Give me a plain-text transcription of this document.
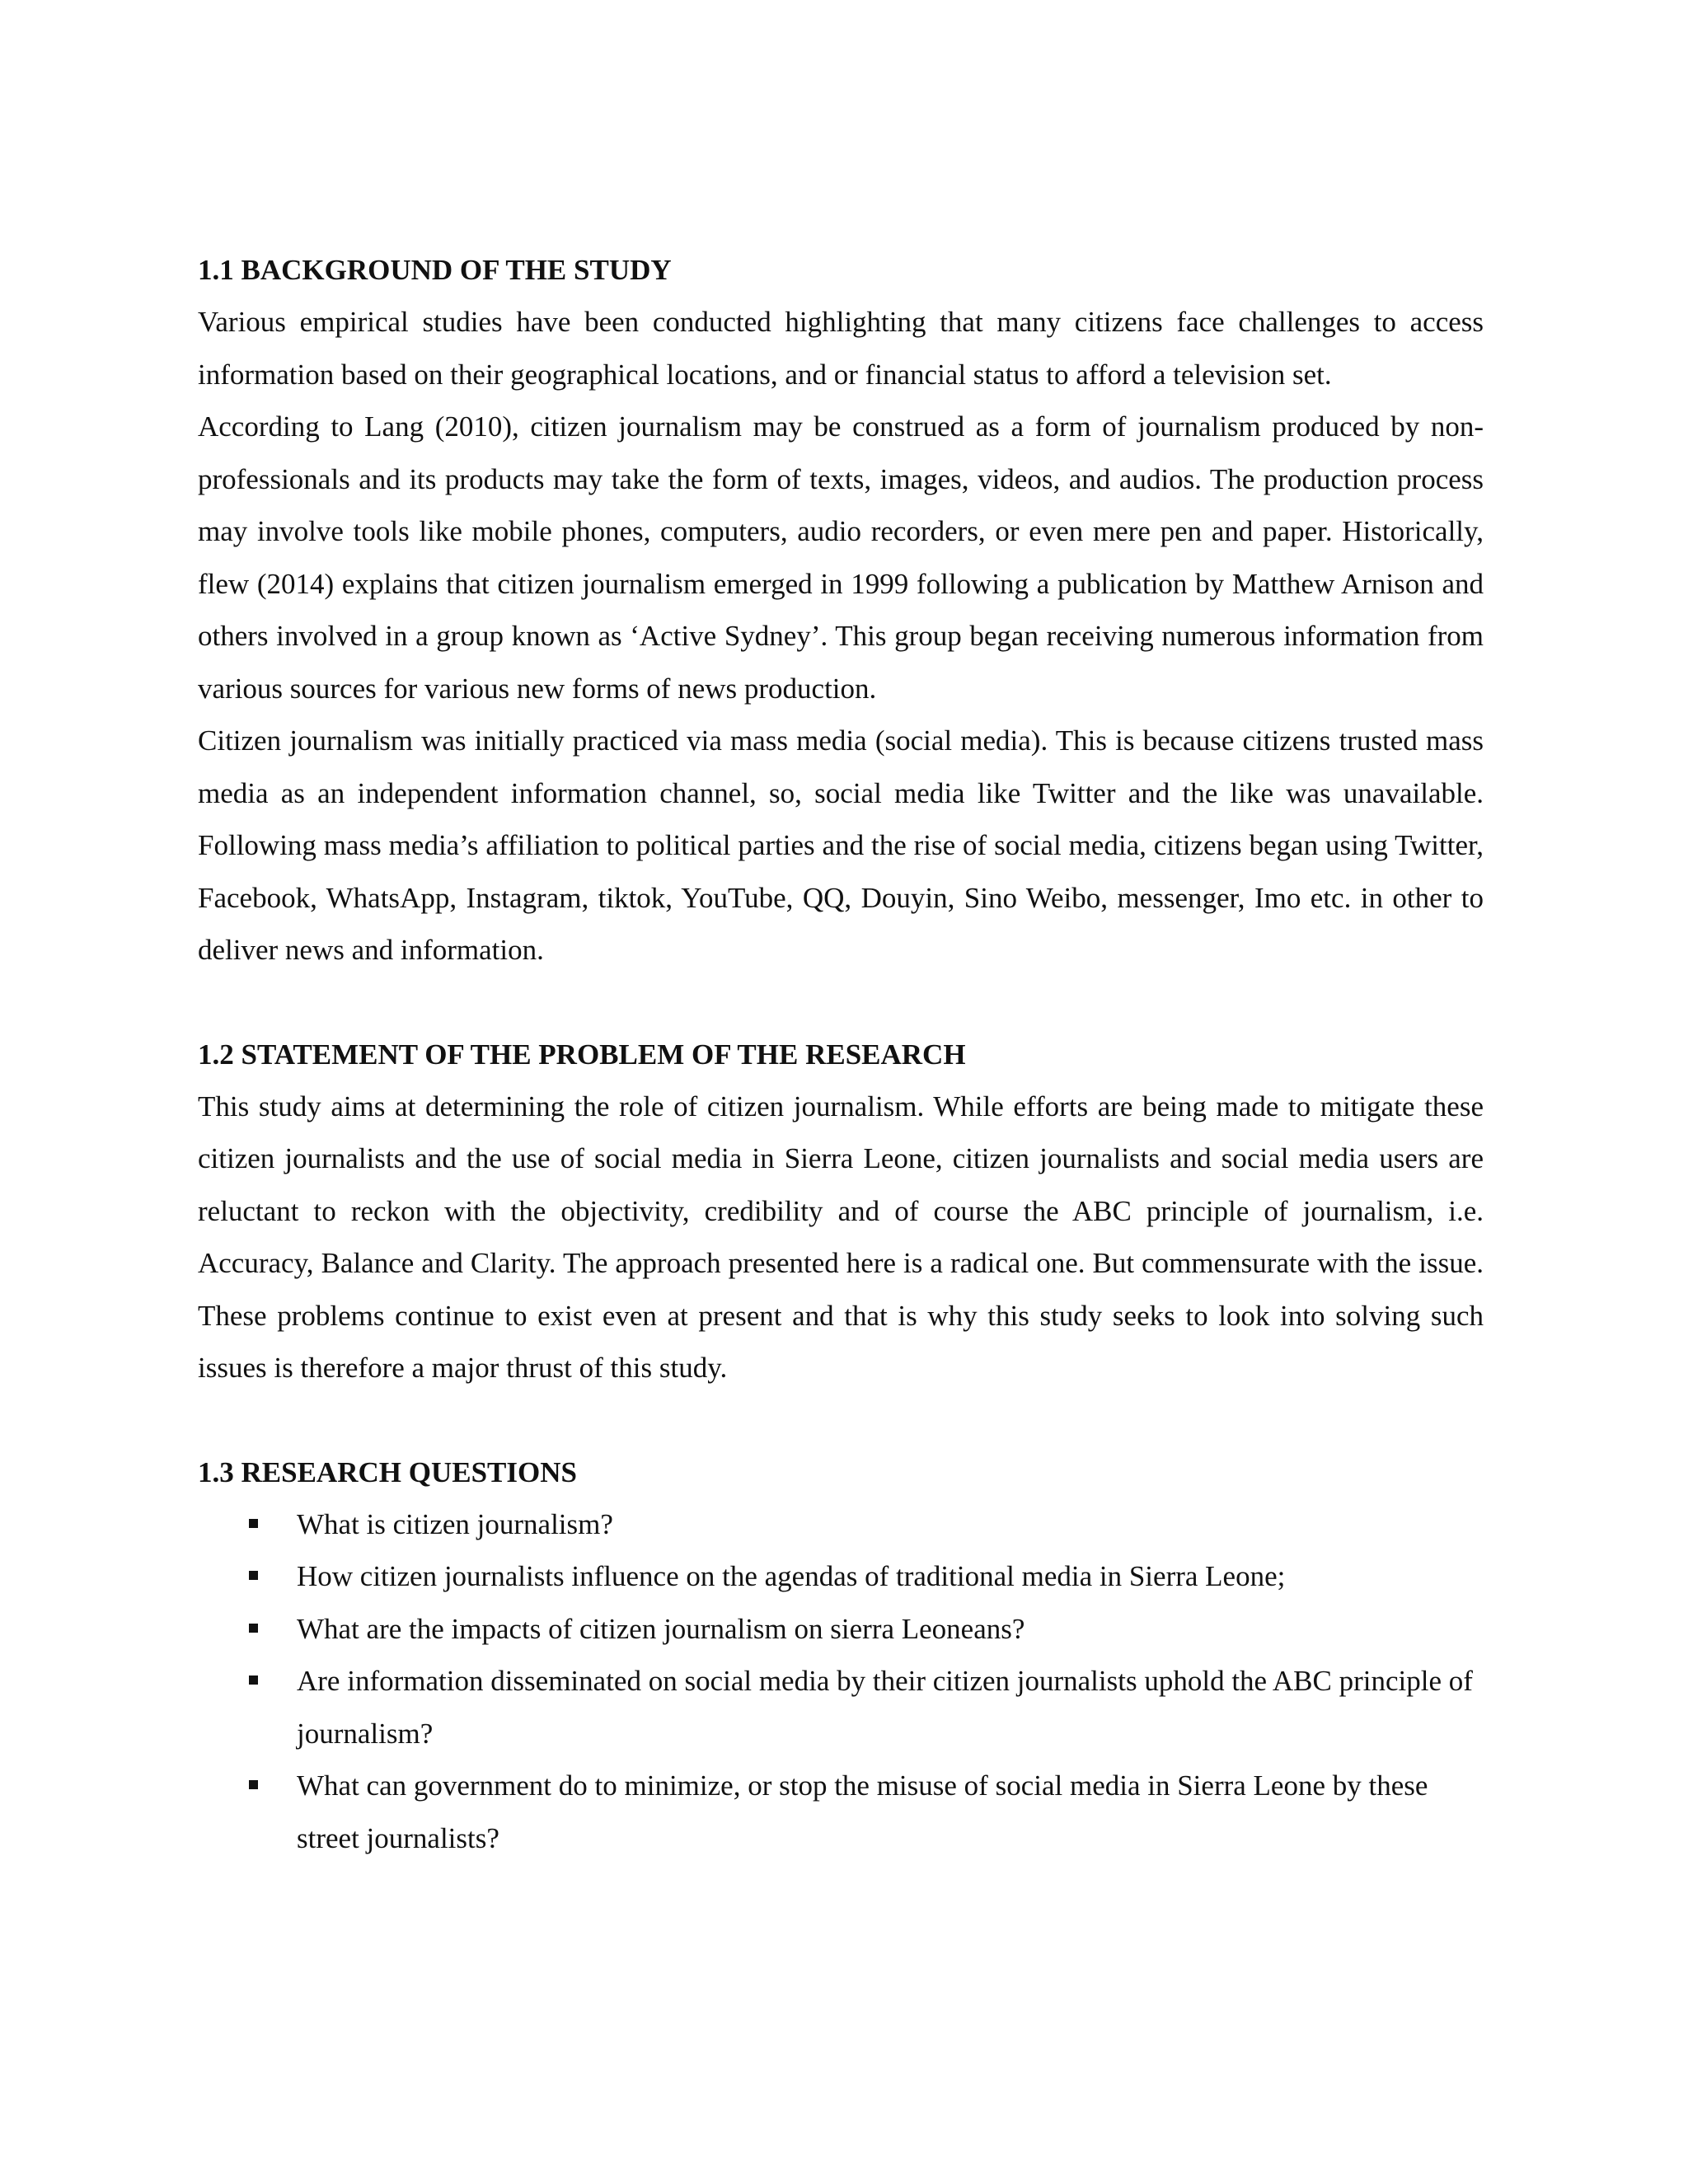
1.1 BACKGROUND OF THE STUDY

Various empirical studies have been conducted highlighting that many citizens face challenges to access information based on their geographical locations, and or financial status to afford a television set.

According to Lang (2010), citizen journalism may be construed as a form of journalism produced by non-professionals and its products may take the form of texts, images, videos, and audios. The production process may involve tools like mobile phones, computers, audio recorders, or even mere pen and paper. Historically, flew (2014) explains that citizen journalism emerged in 1999 following a publication by Matthew Arnison and others involved in a group known as ‘Active Sydney’. This group began receiving numerous information from various sources for various new forms of news production.

Citizen journalism was initially practiced via mass media (social media). This is because citizens trusted mass media as an independent information channel, so, social media like Twitter and the like was unavailable. Following mass media’s affiliation to political parties and the rise of social media, citizens began using Twitter, Facebook, WhatsApp, Instagram, tiktok, YouTube, QQ, Douyin, Sino Weibo, messenger, Imo etc. in other to deliver news and information.

1.2 STATEMENT OF THE PROBLEM OF THE RESEARCH

This study aims at determining the role of citizen journalism. While efforts are being made to mitigate these citizen journalists and the use of social media in Sierra Leone, citizen journalists and social media users are reluctant to reckon with the objectivity, credibility and of course the ABC principle of journalism, i.e. Accuracy, Balance and Clarity. The approach presented here is a radical one. But commensurate with the issue. These problems continue to exist even at present and that is why this study seeks to look into solving such issues is therefore a major thrust of this study.

1.3 RESEARCH QUESTIONS
What is citizen journalism?
How citizen journalists influence on the agendas of traditional media in Sierra Leone;
What are the impacts of citizen journalism on sierra Leoneans?
Are information disseminated on social media by their citizen journalists uphold the ABC principle of journalism?
What can government do to minimize, or stop the misuse of social media in Sierra Leone by these street journalists?
